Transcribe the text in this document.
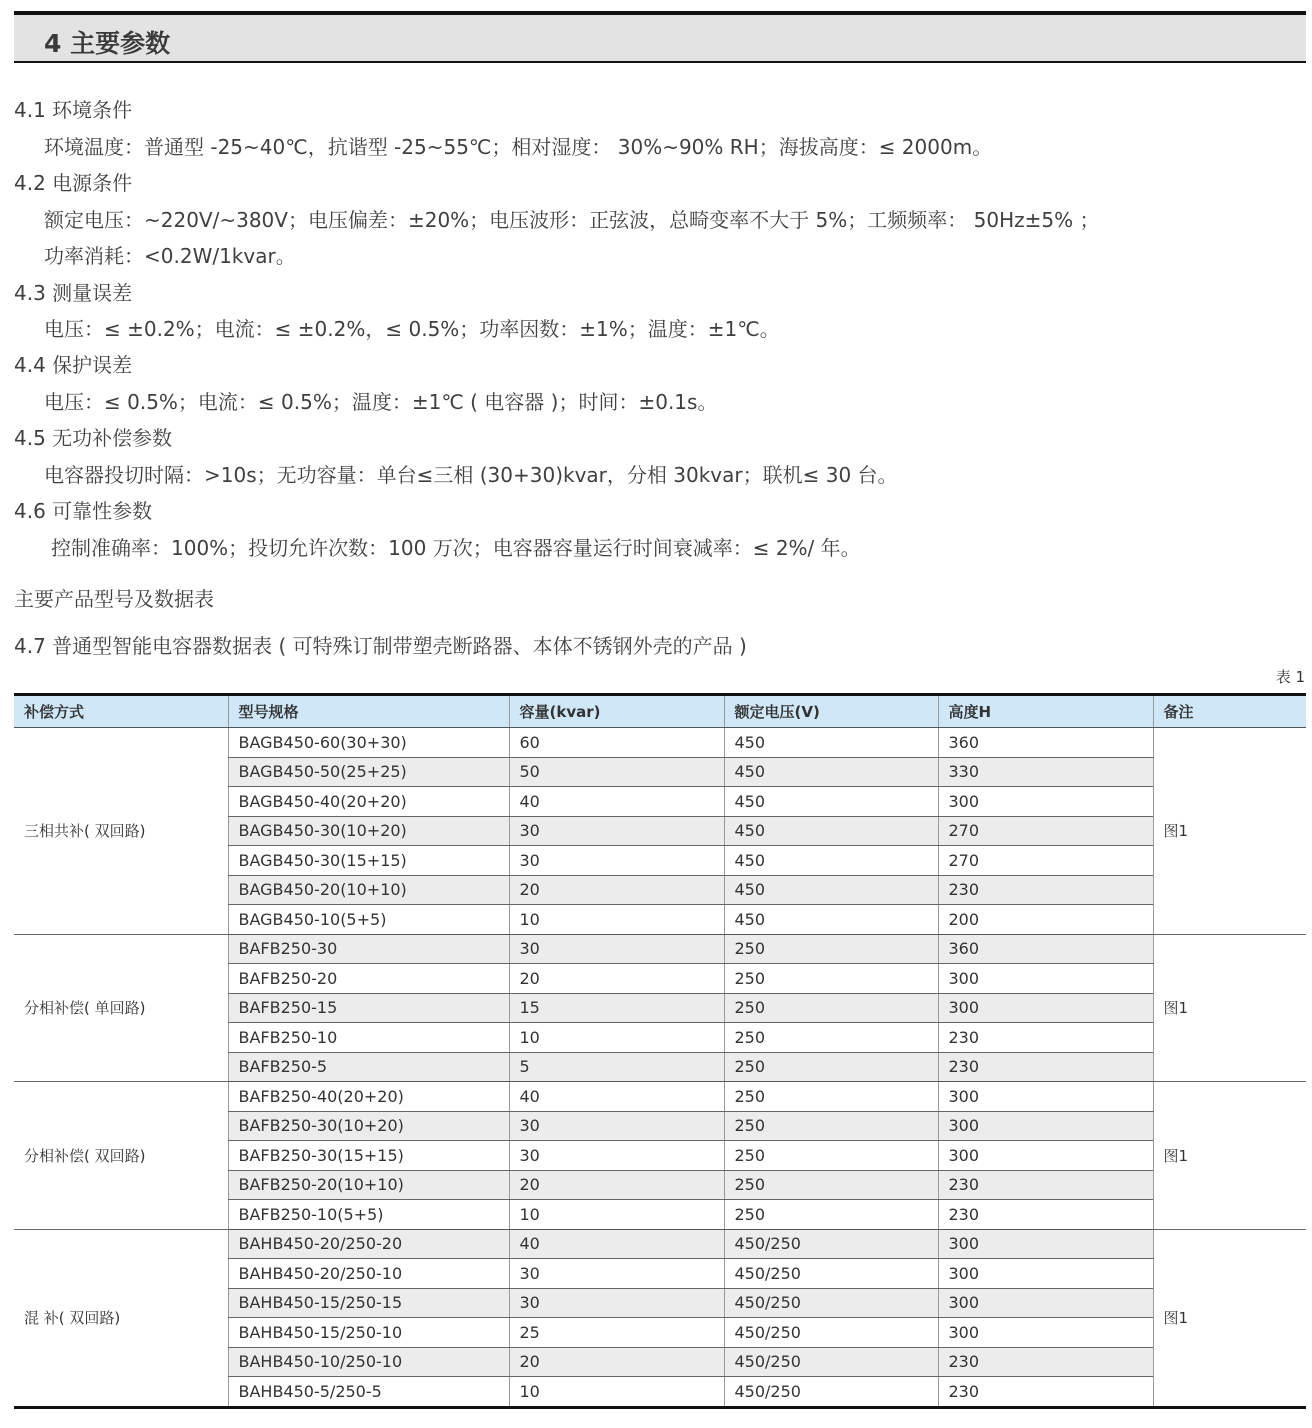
4 主要参数
4.1 环境条件
环境温度：普通型 -25~40℃，抗谐型 -25~55℃；相对湿度： 30%~90% RH；海拔高度：≤ 2000m。
4.2 电源条件
额定电压：~220V/~380V；电压偏差：±20%；电压波形：正弦波，总畸变率不大于 5%；工频频率： 50Hz±5% ；
功率消耗：<0.2W/1kvar。
4.3 测量误差
电压：≤ ±0.2%；电流：≤ ±0.2%，≤ 0.5%；功率因数：±1%；温度：±1℃。
4.4 保护误差
电压：≤ 0.5%；电流：≤ 0.5%；温度：±1℃ ( 电容器 )；时间：±0.1s。
4.5 无功补偿参数
电容器投切时隔：>10s；无功容量：单台≤三相 (30+30)kvar，分相 30kvar；联机≤ 30 台。
4.6 可靠性参数
控制准确率：100%；投切允许次数：100 万次；电容器容量运行时间衰减率：≤ 2%/ 年。
主要产品型号及数据表
4.7 普通型智能电容器数据表 ( 可特殊订制带塑壳断路器、本体不锈钢外壳的产品 )
表 1
补偿方式	型号规格	容量(kvar)	额定电压(V)	高度H	备注
三相共补( 双回路)	BAGB450-60(30+30)	60	450	360	图1
	BAGB450-50(25+25)	50	450	330	
	BAGB450-40(20+20)	40	450	300	
	BAGB450-30(10+20)	30	450	270	
	BAGB450-30(15+15)	30	450	270	
	BAGB450-20(10+10)	20	450	230	
	BAGB450-10(5+5)	10	450	200	
分相补偿( 单回路)	BAFB250-30	30	250	360	图1
	BAFB250-20	20	250	300	
	BAFB250-15	15	250	300	
	BAFB250-10	10	250	230	
	BAFB250-5	5	250	230	
分相补偿( 双回路)	BAFB250-40(20+20)	40	250	300	图1
	BAFB250-30(10+20)	30	250	300	
	BAFB250-30(15+15)	30	250	300	
	BAFB250-20(10+10)	20	250	230	
	BAFB250-10(5+5)	10	250	230	
混 补( 双回路)	BAHB450-20/250-20	40	450/250	300	图1
	BAHB450-20/250-10	30	450/250	300	
	BAHB450-15/250-15	30	450/250	300	
	BAHB450-15/250-10	25	450/250	300	
	BAHB450-10/250-10	20	450/250	230	
	BAHB450-5/250-5	10	450/250	230	
